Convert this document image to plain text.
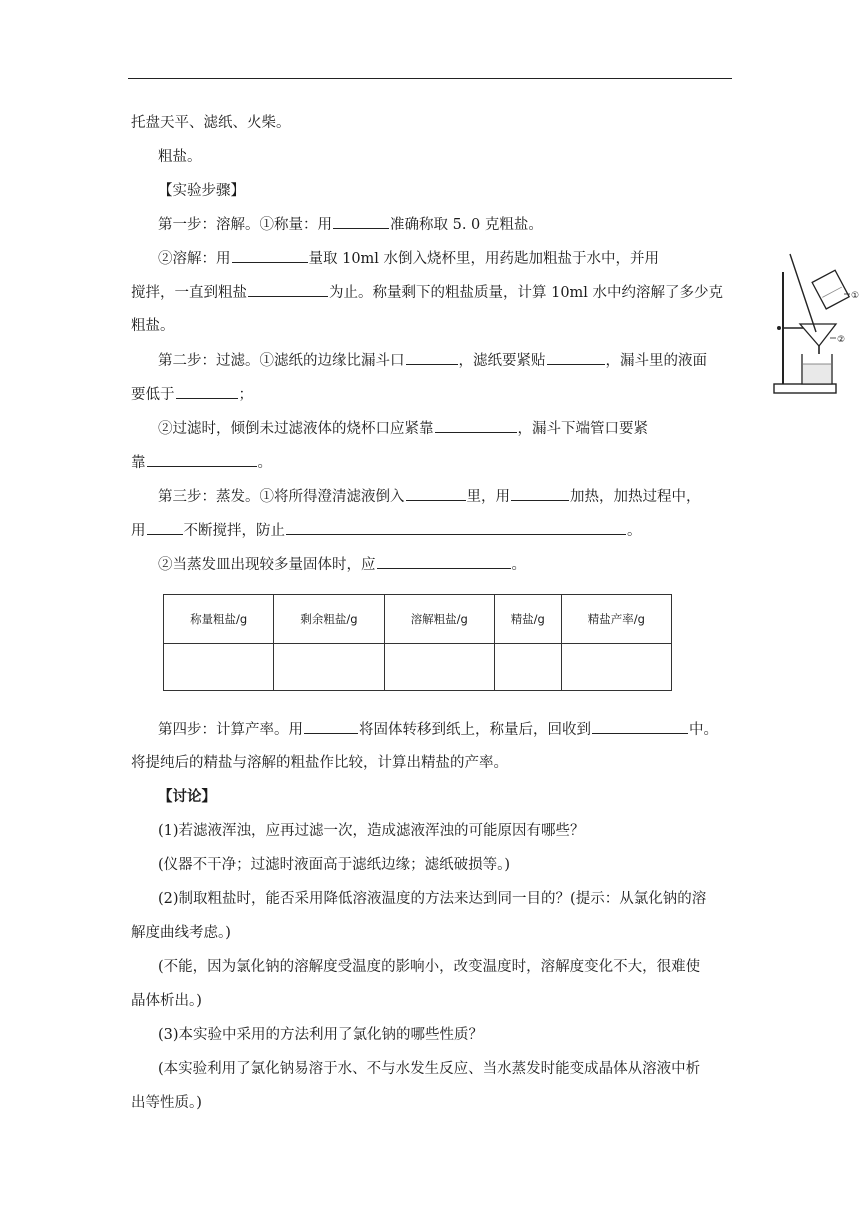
托盘天平、滤纸、火柴。
粗盐。
【实验步骤】
第一步：溶解。①称量：用	准确称取 5. 0 克粗盐。
②溶解：用	量取 10ml 水倒入烧杯里，用药匙加粗盐于水中，并用
搅拌，一直到粗盐	为止。称量剩下的粗盐质量，计算 10ml 水中约溶解了多少克
粗盐。
第二步：过滤。①滤纸的边缘比漏斗口	，滤纸要紧贴	，漏斗里的液面
要低于	；
②过滤时，倾倒未过滤液体的烧杯口应紧靠	，漏斗下端管口要紧
靠	。
第三步：蒸发。①将所得澄清滤液倒入	里，用	加热，加热过程中，
用	不断搅拌，防止	。
②当蒸发皿出现较多量固体时，应	。
称量粗盐/g	剩余粗盐/g	溶解粗盐/g	精盐/g	精盐产率/g

第四步：计算产率。用	将固体转移到纸上，称量后，回收到	中。
将提纯后的精盐与溶解的粗盐作比较，计算出精盐的产率。
【讨论】
(1)若滤液浑浊，应再过滤一次，造成滤液浑浊的可能原因有哪些？
(仪器不干净；过滤时液面高于滤纸边缘；滤纸破损等。)
(2)制取粗盐时，能否采用降低溶液温度的方法来达到同一目的？(提示：从氯化钠的溶
解度曲线考虑。)
(不能，因为氯化钠的溶解度受温度的影响小，改变温度时，溶解度变化不大，很难使
晶体析出。)
(3)本实验中采用的方法利用了氯化钠的哪些性质？
(本实验利用了氯化钠易溶于水、不与水发生反应、当水蒸发时能变成晶体从溶液中析
出等性质。)
①
②
